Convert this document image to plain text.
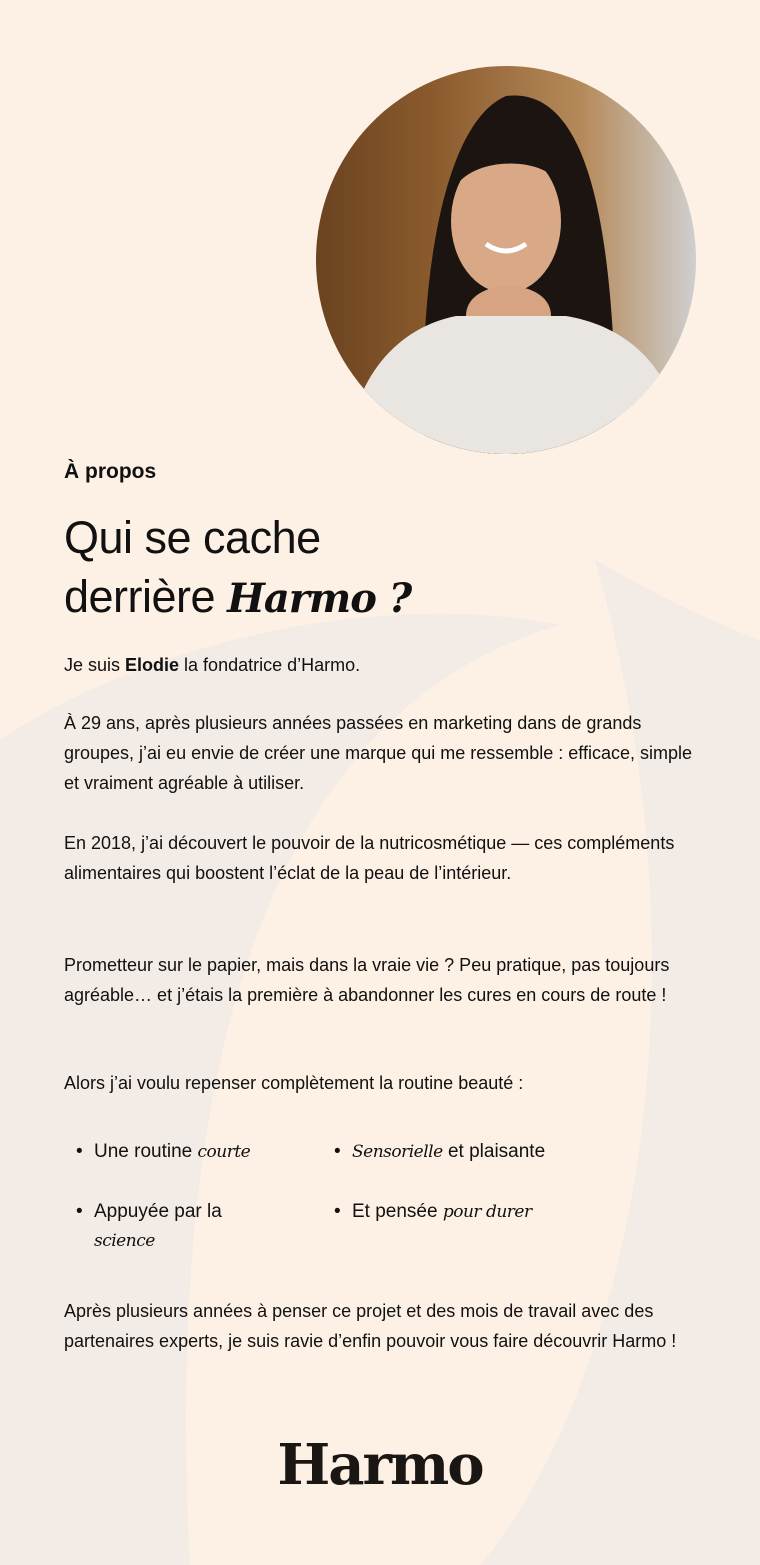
À propos
Qui se cache
derrière Harmo ?
Je suis Elodie la fondatrice d’Harmo.
À 29 ans, après plusieurs années passées en marketing dans de grands groupes, j’ai eu envie de créer une marque qui me ressemble : efficace, simple et vraiment agréable à utiliser.
En 2018, j’ai découvert le pouvoir de la nutricosmétique — ces compléments alimentaires qui boostent l’éclat de la peau de l’intérieur.
Prometteur sur le papier, mais dans la vraie vie ? Peu pratique, pas toujours agréable… et j’étais la première à abandonner les cures en cours de route !
Alors j’ai voulu repenser complètement la routine beauté :
• Une routine courte	• Sensorielle et plaisante
• Appuyée par la science
• Et pensée pour durer
Après plusieurs années à penser ce projet et des mois de travail avec des partenaires experts, je suis ravie d’enfin pouvoir vous faire découvrir Harmo !
Harmo
